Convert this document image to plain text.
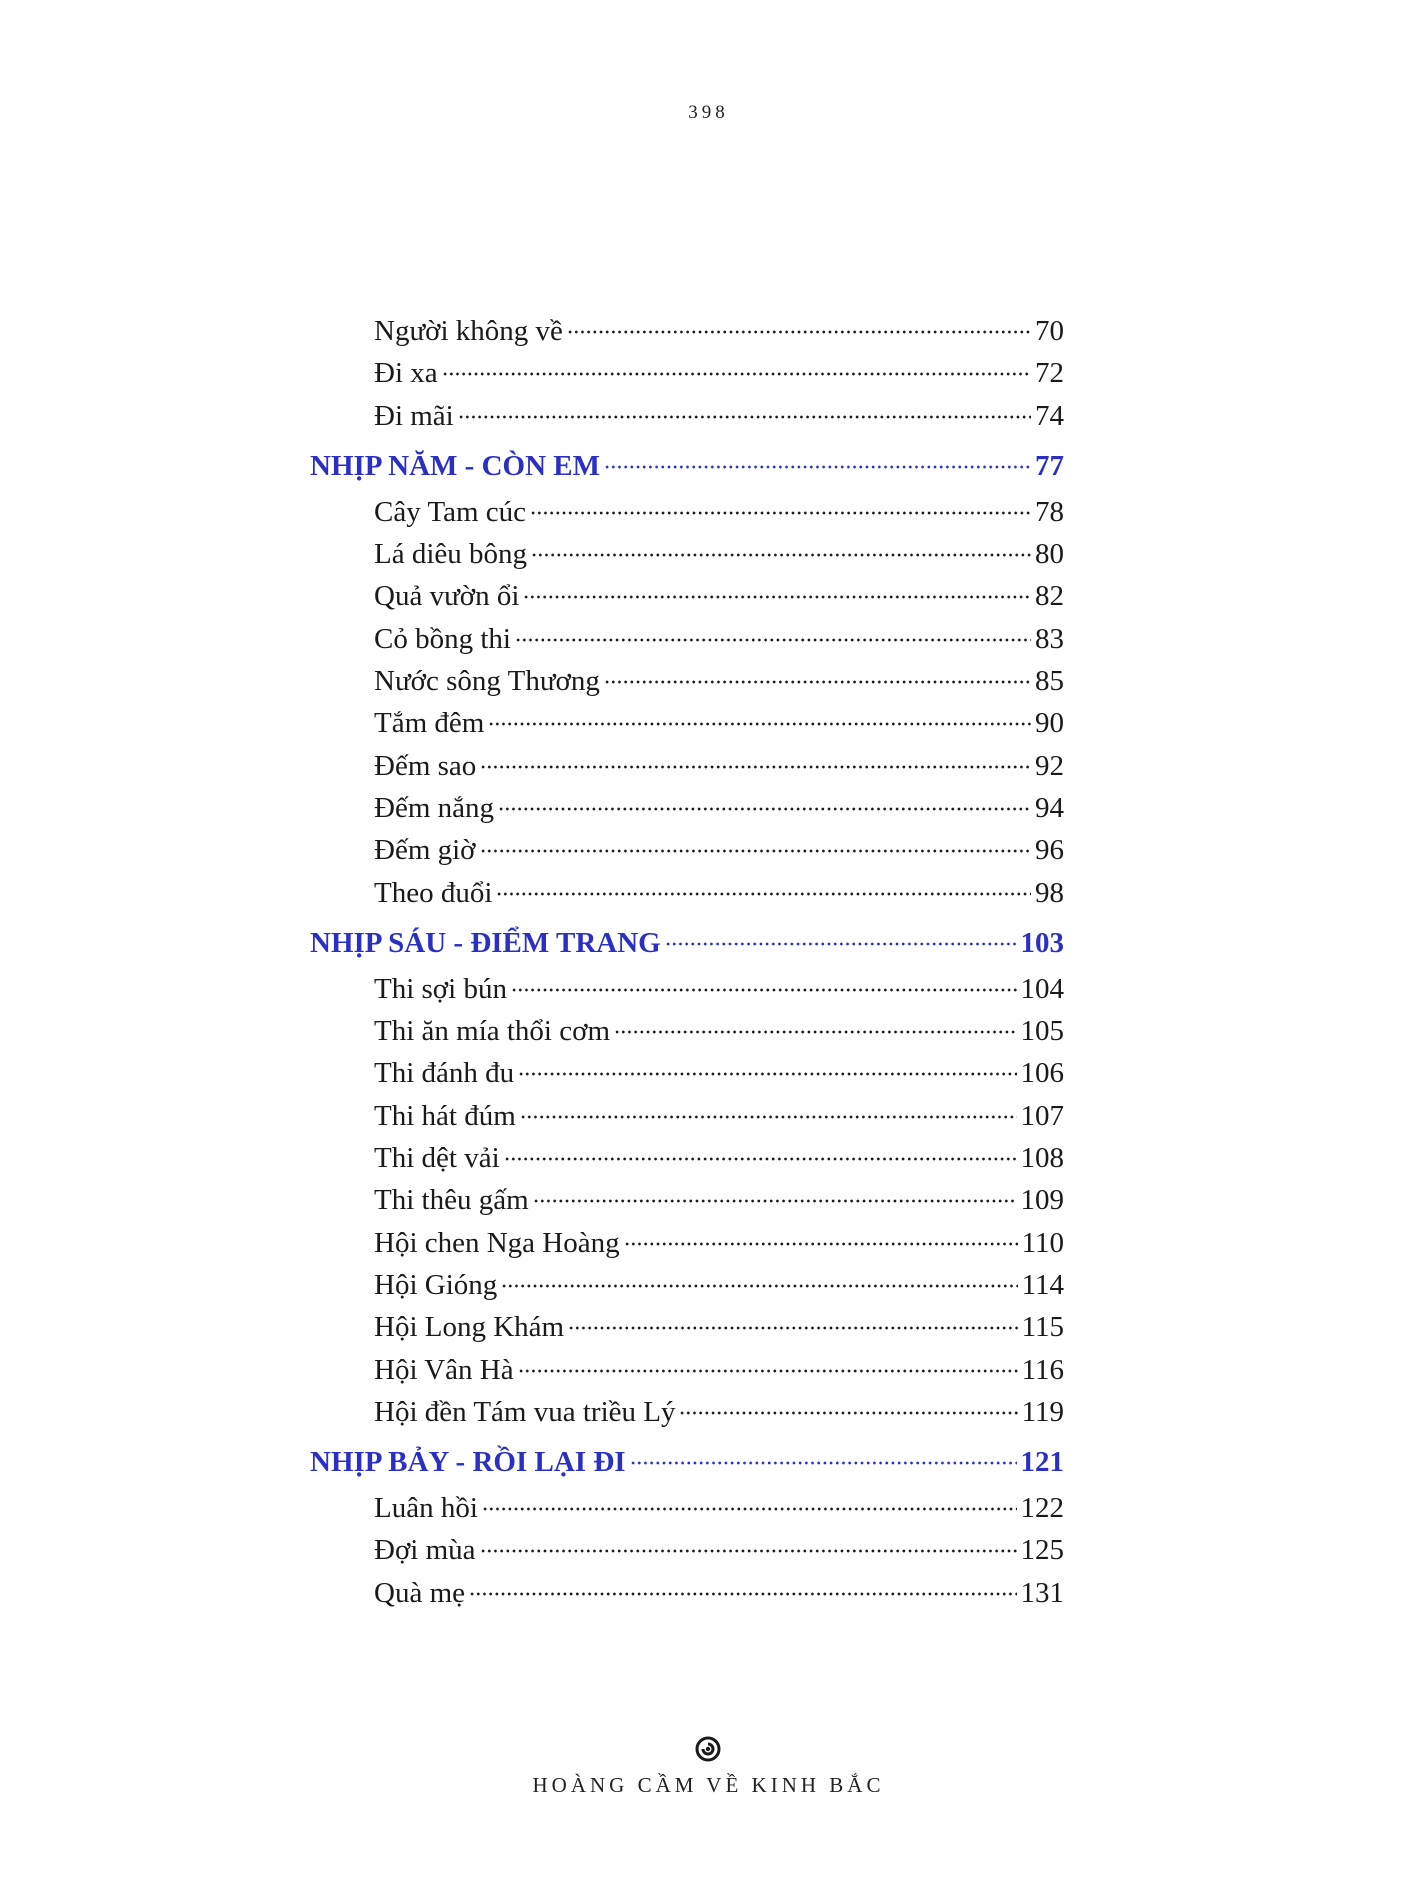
398
Người không về	70
Đi xa	72
Đi mãi	74
NHỊP NĂM - CÒN EM	77
Cây Tam cúc	78
Lá diêu bông	80
Quả vườn ổi	82
Cỏ bồng thi	83
Nước sông Thương	85
Tắm đêm	90
Đếm sao	92
Đếm nắng	94
Đếm giờ	96
Theo đuổi	98
NHỊP SÁU - ĐIỂM TRANG	103
Thi sợi bún	104
Thi ăn mía thổi cơm	105
Thi đánh đu	106
Thi hát đúm	107
Thi dệt vải	108
Thi thêu gấm	109
Hội chen Nga Hoàng	110
Hội Gióng	114
Hội Long Khám	115
Hội Vân Hà	116
Hội đền Tám vua triều Lý	119
NHỊP BẢY - RỒI LẠI ĐI	121
Luân hồi	122
Đợi mùa	125
Quà mẹ	131
HOÀNG CẦM VỀ KINH BẮC
